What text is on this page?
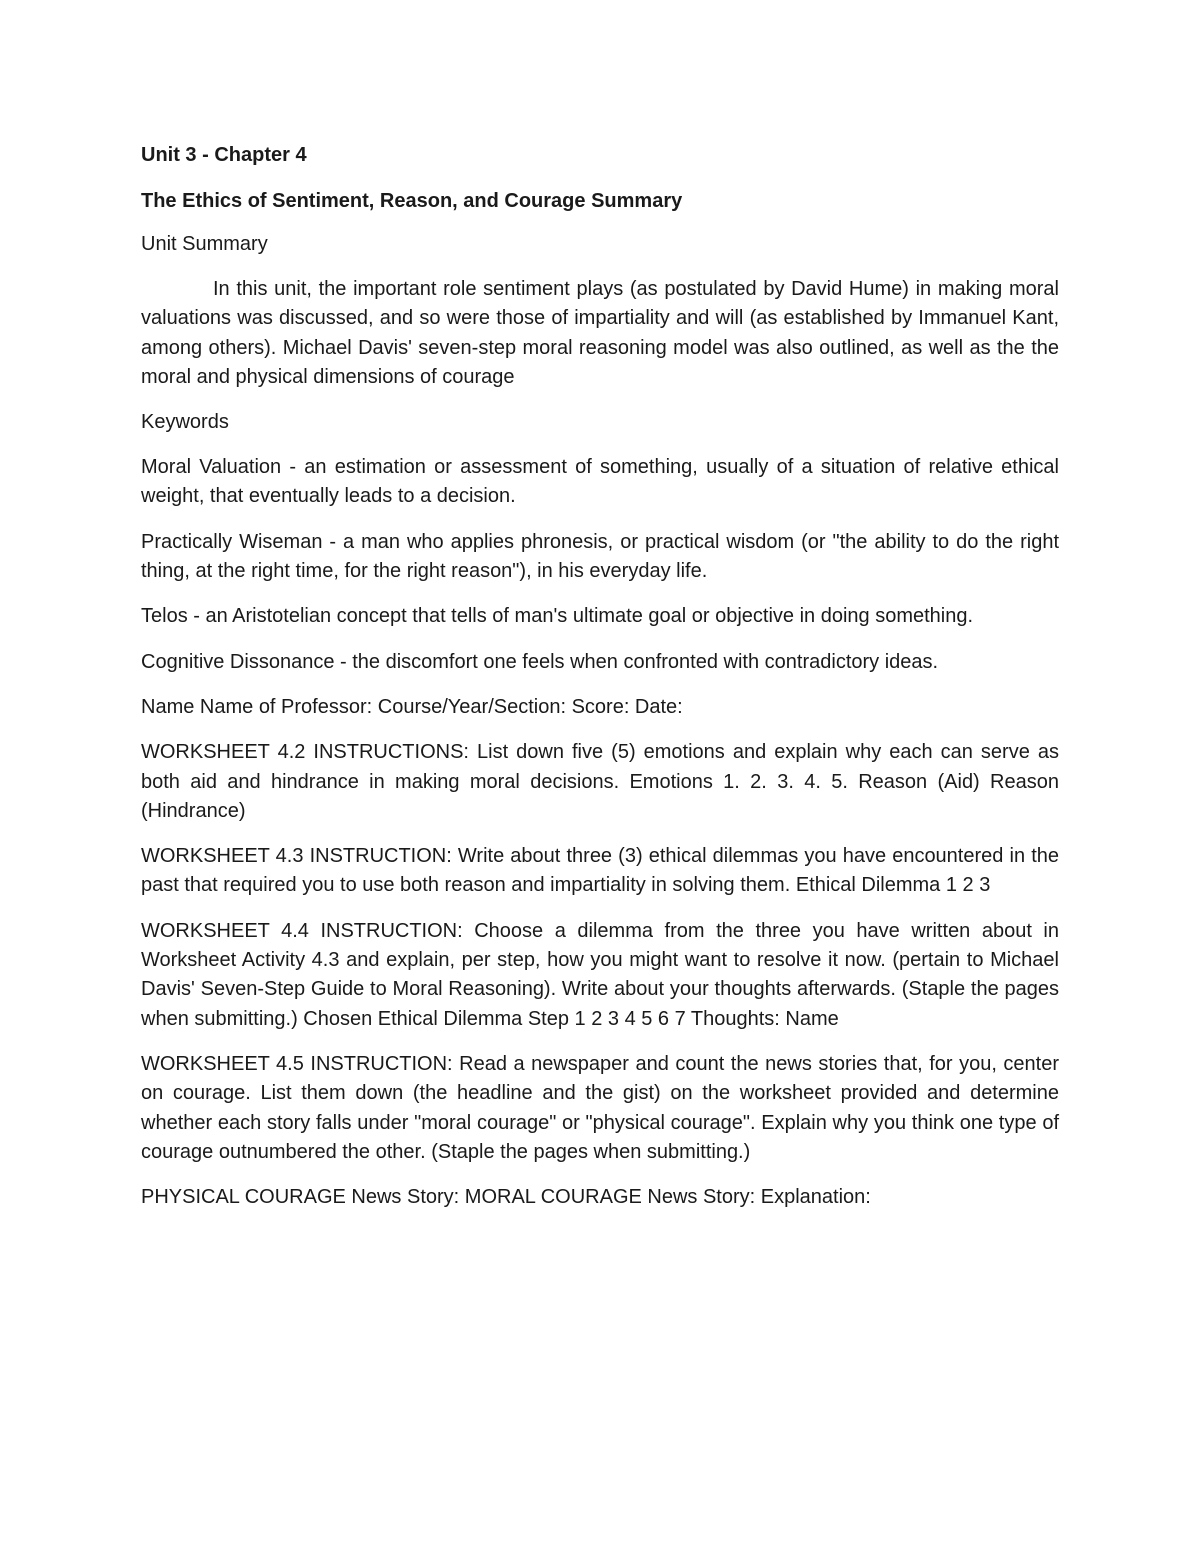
Unit 3 - Chapter 4

The Ethics of Sentiment, Reason, and Courage Summary

Unit Summary

In this unit, the important role sentiment plays (as postulated by David Hume) in making moral valuations was discussed, and so were those of impartiality and will (as established by Immanuel Kant, among others). Michael Davis' seven-step moral reasoning model was also outlined, as well as the the moral and physical dimensions of courage

Keywords

Moral Valuation - an estimation or assessment of something, usually of a situation of relative ethical weight, that eventually leads to a decision.

Practically Wiseman - a man who applies phronesis, or practical wisdom (or "the ability to do the right thing, at the right time, for the right reason"), in his everyday life.

Telos - an Aristotelian concept that tells of man's ultimate goal or objective in doing something.

Cognitive Dissonance - the discomfort one feels when confronted with contradictory ideas.

Name Name of Professor: Course/Year/Section: Score: Date:

WORKSHEET 4.2 INSTRUCTIONS: List down five (5) emotions and explain why each can serve as both aid and hindrance in making moral decisions. Emotions 1. 2. 3. 4. 5. Reason (Aid) Reason (Hindrance)

WORKSHEET 4.3 INSTRUCTION: Write about three (3) ethical dilemmas you have encountered in the past that required you to use both reason and impartiality in solving them. Ethical Dilemma 1 2 3

WORKSHEET 4.4 INSTRUCTION: Choose a dilemma from the three you have written about in Worksheet Activity 4.3 and explain, per step, how you might want to resolve it now. (pertain to Michael Davis' Seven-Step Guide to Moral Reasoning). Write about your thoughts afterwards. (Staple the pages when submitting.) Chosen Ethical Dilemma Step 1 2 3 4 5 6 7 Thoughts: Name

WORKSHEET 4.5 INSTRUCTION: Read a newspaper and count the news stories that, for you, center on courage. List them down (the headline and the gist) on the worksheet provided and determine whether each story falls under "moral courage" or "physical courage". Explain why you think one type of courage outnumbered the other. (Staple the pages when submitting.)

PHYSICAL COURAGE News Story: MORAL COURAGE News Story: Explanation:
